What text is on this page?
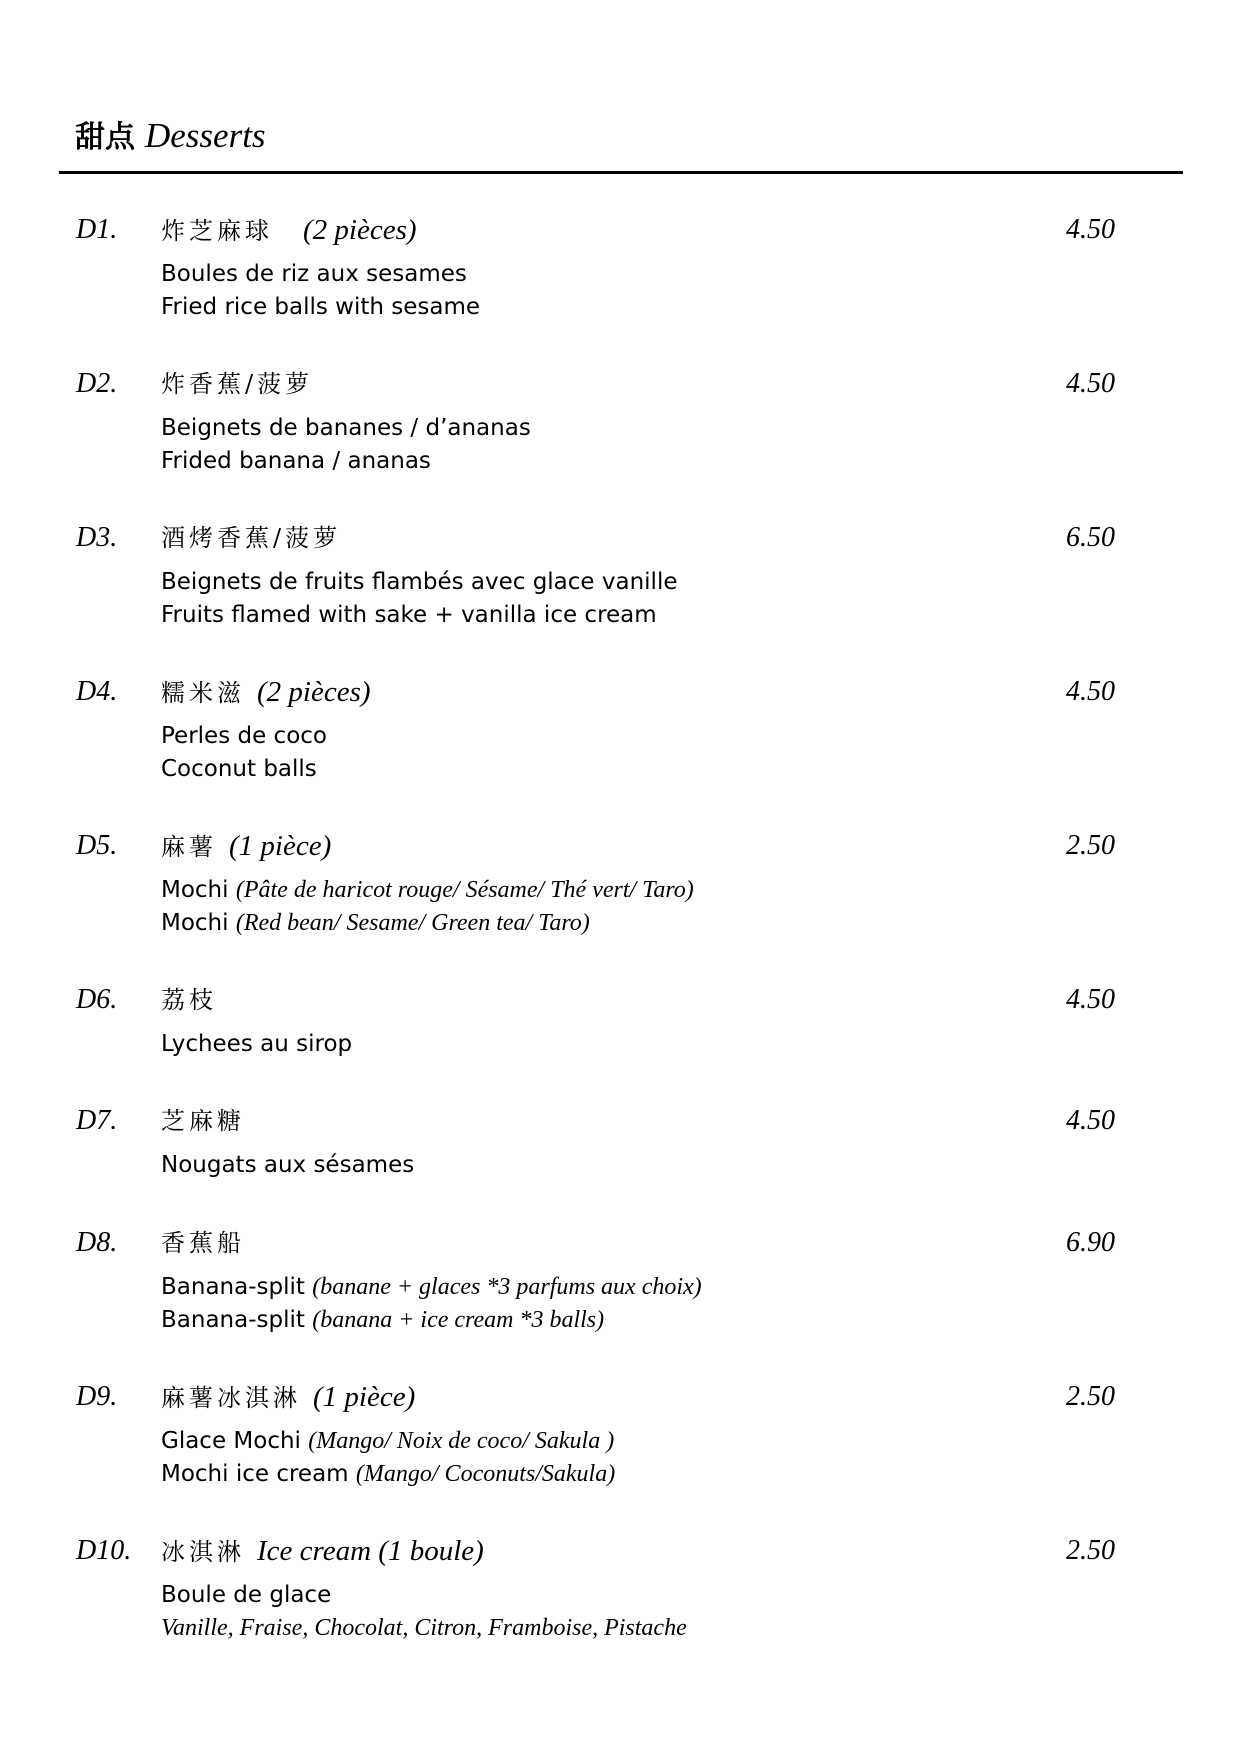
甜点 Desserts
D1. 炸芝麻球 (2 pièces)	4.50
Boules de riz aux sesames
Fried rice balls with sesame
D2. 炸香蕉/菠萝	4.50
Beignets de bananes / d’ananas
Frided banana / ananas
D3. 酒烤香蕉/菠萝	6.50
Beignets de fruits flambés avec glace vanille
Fruits flamed with sake + vanilla ice cream
D4. 糯米滋 (2 pièces)	4.50
Perles de coco
Coconut balls
D5. 麻薯 (1 pièce)	2.50
Mochi (Pâte de haricot rouge/ Sésame/ Thé vert/ Taro)
Mochi (Red bean/ Sesame/ Green tea/ Taro)
D6. 荔枝	4.50
Lychees au sirop
D7. 芝麻糖	4.50
Nougats aux sésames
D8. 香蕉船	6.90
Banana-split (banane + glaces *3 parfums aux choix)
Banana-split (banana + ice cream *3 balls)
D9. 麻薯冰淇淋 (1 pièce)	2.50
Glace Mochi (Mango/ Noix de coco/ Sakula )
Mochi ice cream (Mango/ Coconuts/Sakula)
D10. 冰淇淋 Ice cream (1 boule)	2.50
Boule de glace
Vanille, Fraise, Chocolat, Citron, Framboise, Pistache
